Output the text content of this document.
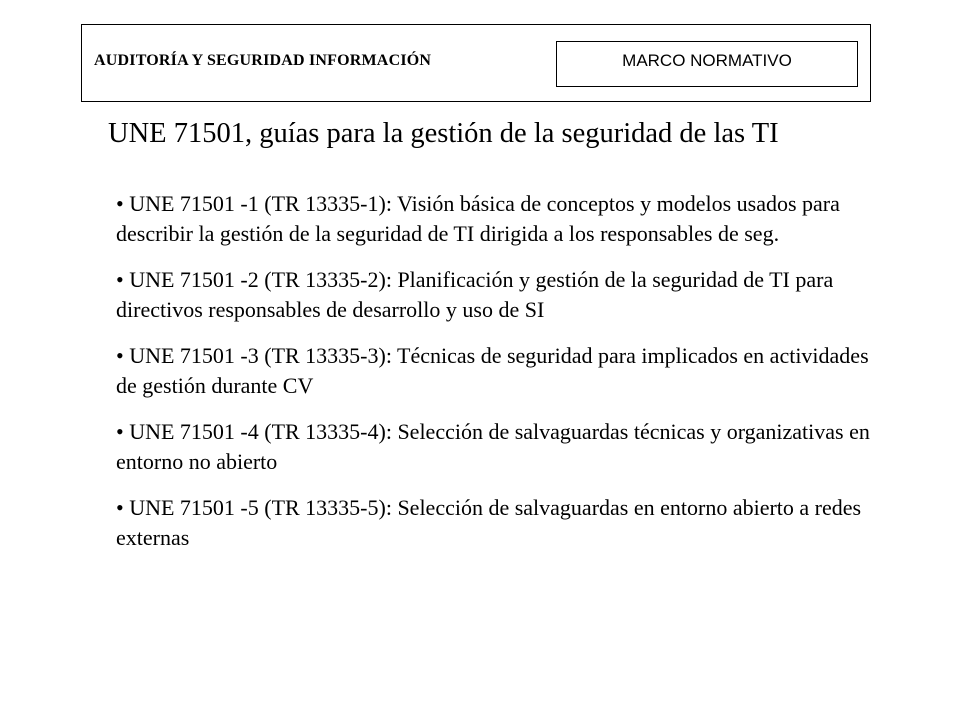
AUDITORÍA Y SEGURIDAD INFORMACIÓN	MARCO NORMATIVO
UNE 71501, guías para la gestión de la seguridad de las TI
• UNE 71501 -1 (TR 13335-1): Visión básica de conceptos y modelos usados para describir la gestión de la seguridad de TI dirigida a los responsables de seg.
• UNE 71501 -2 (TR 13335-2): Planificación y gestión de la seguridad de TI para directivos responsables de desarrollo y uso de SI
• UNE 71501 -3 (TR 13335-3): Técnicas de seguridad para implicados en actividades de gestión durante CV
• UNE 71501 -4 (TR 13335-4): Selección de salvaguardas técnicas y organizativas en entorno no abierto
• UNE 71501 -5 (TR 13335-5): Selección de salvaguardas en entorno abierto a redes externas
